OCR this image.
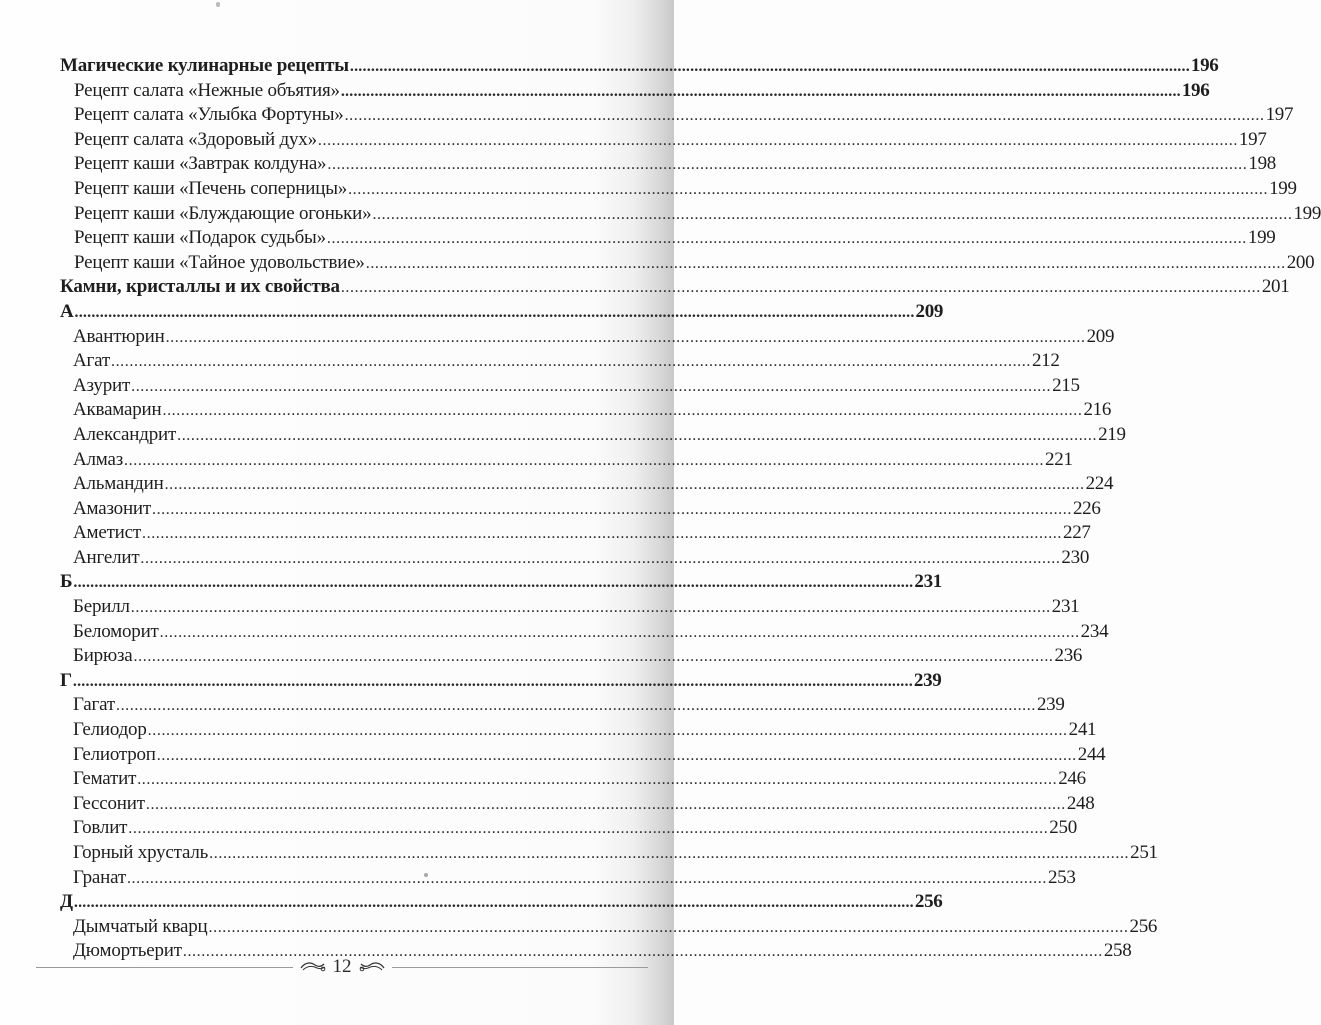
Магические кулинарные рецепты ........................................................................................................................................................................................................ 196
Рецепт салата «Нежные объятия» ........................................................................................................................................................................................................ 196
Рецепт салата «Улыбка Фортуны» ........................................................................................................................................................................................................ 197
Рецепт салата «Здоровый дух» ........................................................................................................................................................................................................ 197
Рецепт каши «Завтрак колдуна» ........................................................................................................................................................................................................ 198
Рецепт каши «Печень соперницы» ........................................................................................................................................................................................................ 199
Рецепт каши «Блуждающие огоньки» ........................................................................................................................................................................................................ 199
Рецепт каши «Подарок судьбы» ........................................................................................................................................................................................................ 199
Рецепт каши «Тайное удовольствие» ........................................................................................................................................................................................................ 200
Камни, кристаллы и их свойства ........................................................................................................................................................................................................ 201
А ........................................................................................................................................................................................................ 209
Авантюрин ........................................................................................................................................................................................................ 209
Агат ........................................................................................................................................................................................................ 212
Азурит ........................................................................................................................................................................................................ 215
Аквамарин ........................................................................................................................................................................................................ 216
Александрит ........................................................................................................................................................................................................ 219
Алмаз ........................................................................................................................................................................................................ 221
Альмандин ........................................................................................................................................................................................................ 224
Амазонит ........................................................................................................................................................................................................ 226
Аметист ........................................................................................................................................................................................................ 227
Ангелит ........................................................................................................................................................................................................ 230
Б ........................................................................................................................................................................................................ 231
Берилл ........................................................................................................................................................................................................ 231
Беломорит ........................................................................................................................................................................................................ 234
Бирюза ........................................................................................................................................................................................................ 236
Г ........................................................................................................................................................................................................ 239
Гагат ........................................................................................................................................................................................................ 239
Гелиодор ........................................................................................................................................................................................................ 241
Гелиотроп ........................................................................................................................................................................................................ 244
Гематит ........................................................................................................................................................................................................ 246
Гессонит ........................................................................................................................................................................................................ 248
Говлит ........................................................................................................................................................................................................ 250
Горный хрусталь ........................................................................................................................................................................................................ 251
Гранат ........................................................................................................................................................................................................ 253
Д ........................................................................................................................................................................................................ 256
Дымчатый кварц ........................................................................................................................................................................................................ 256
Дюмортьерит ........................................................................................................................................................................................................ 258
12
